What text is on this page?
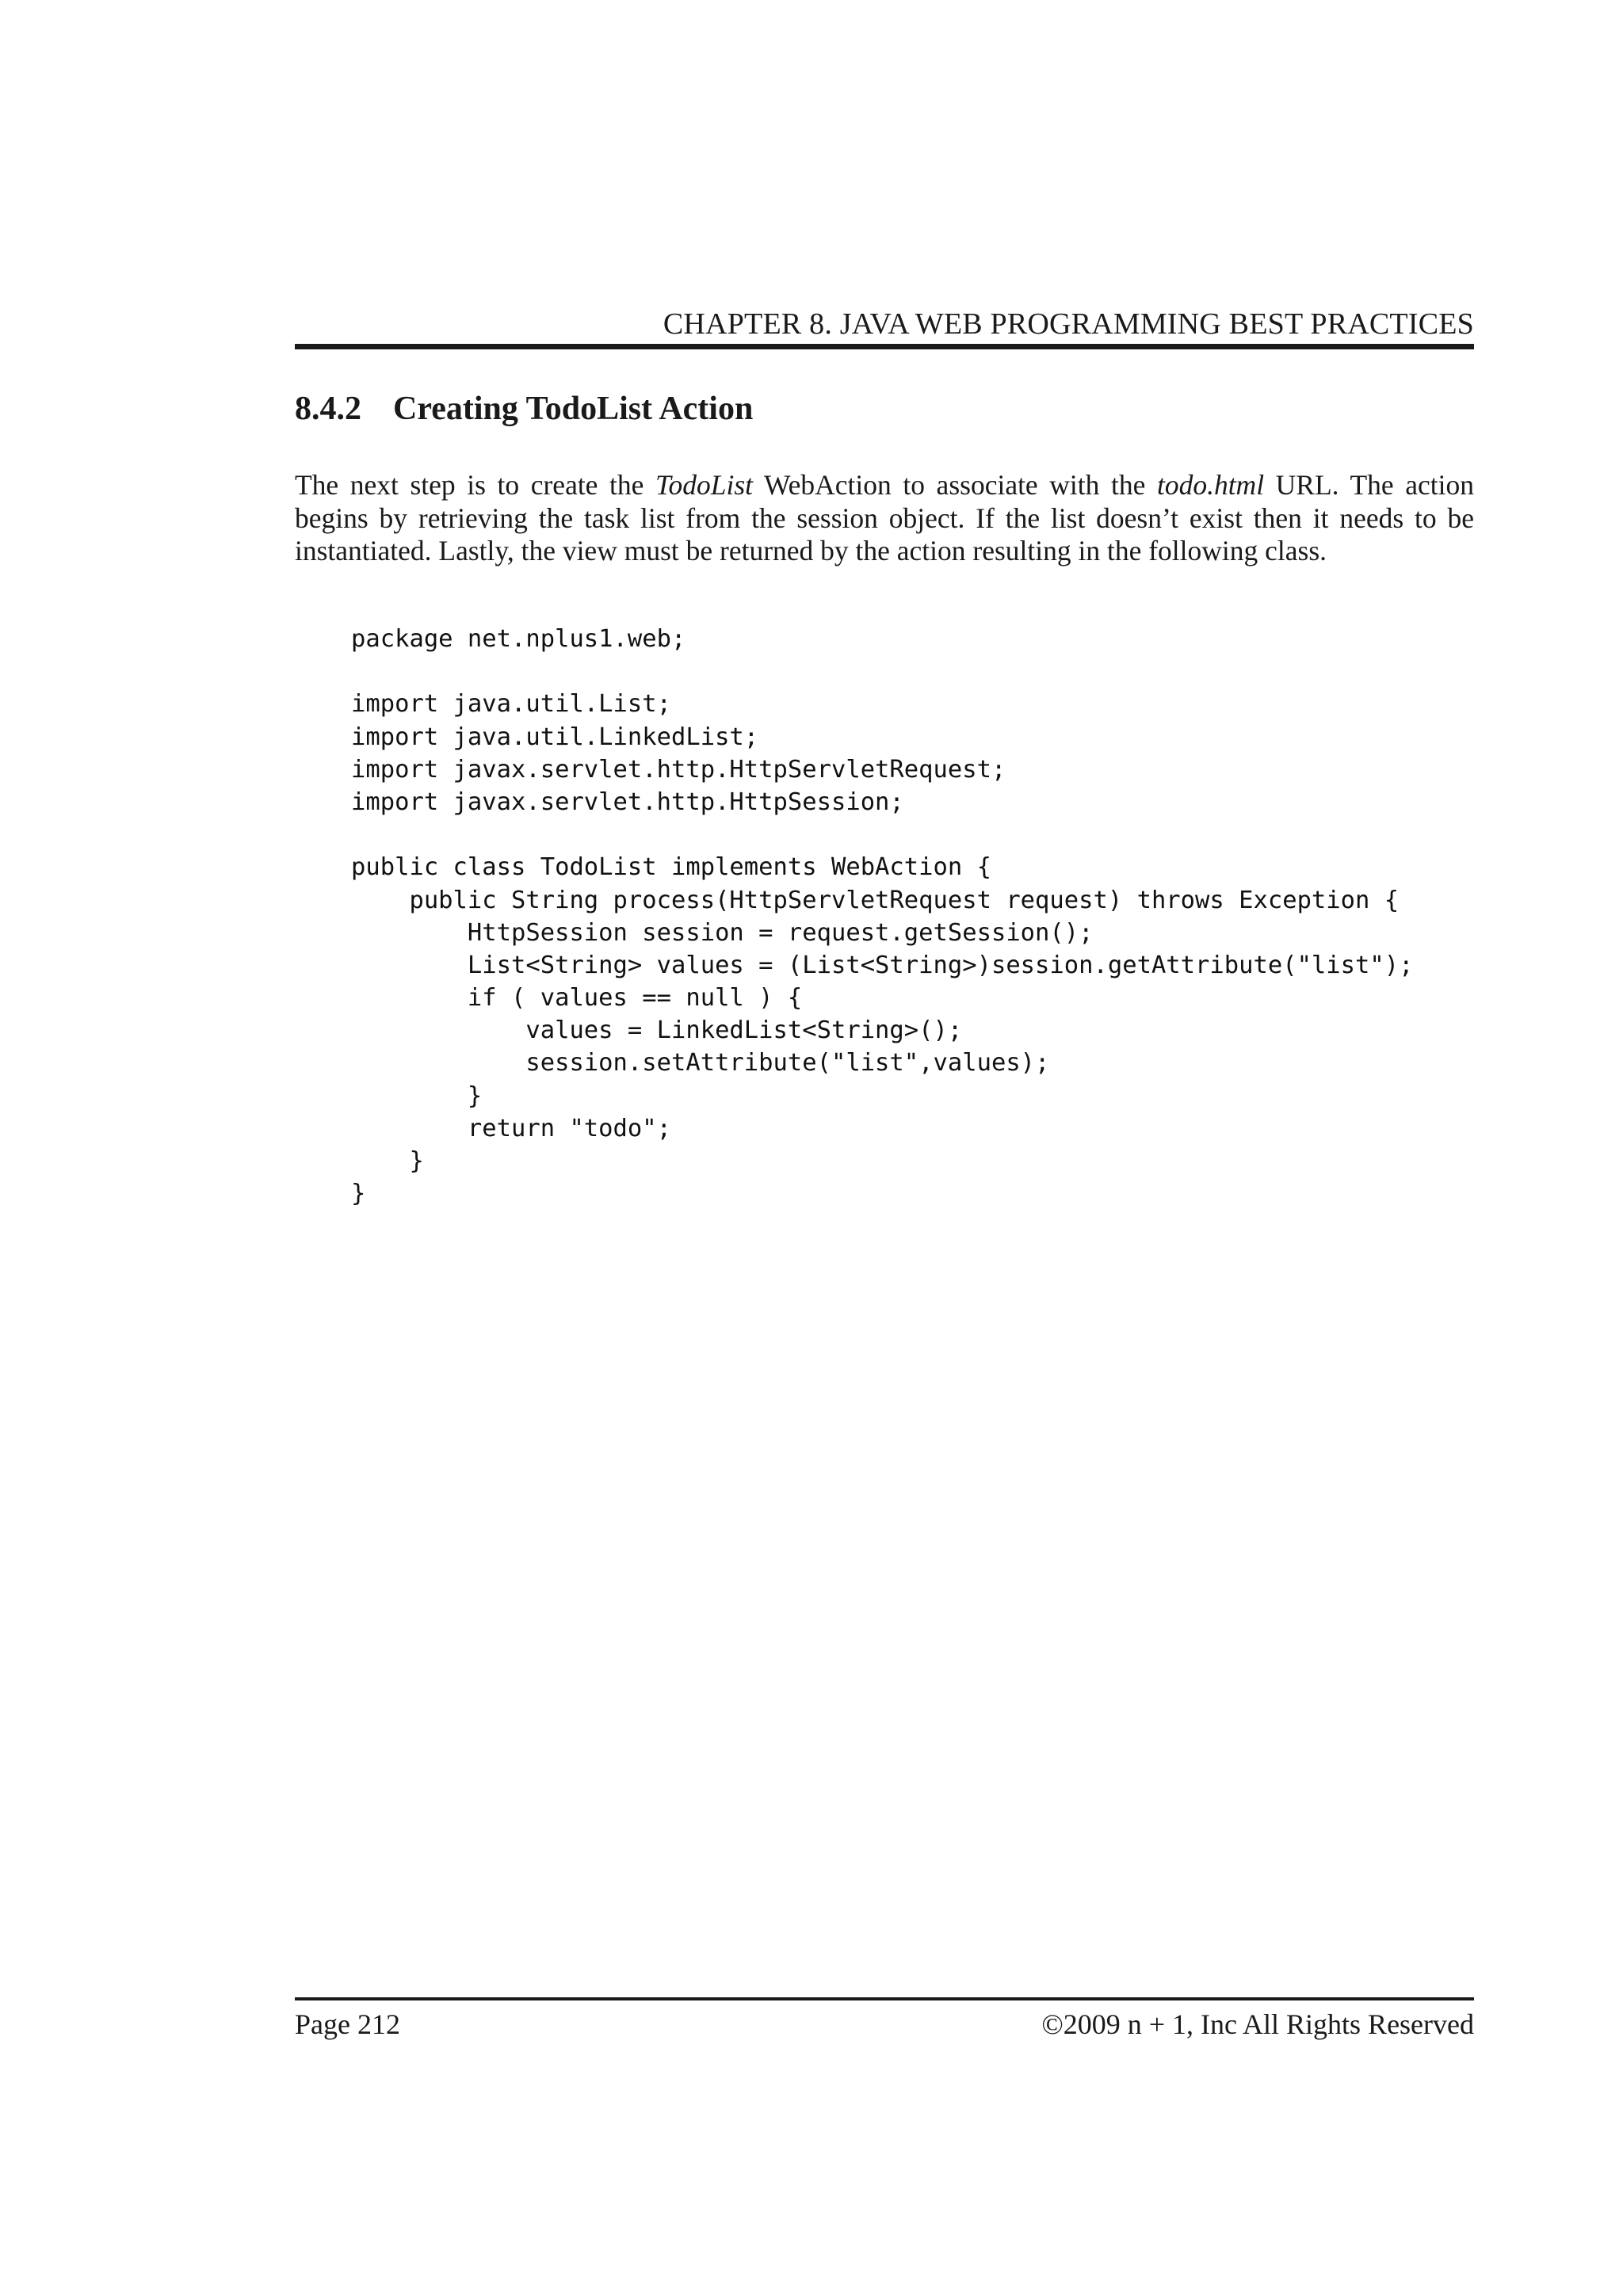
CHAPTER 8. JAVA WEB PROGRAMMING BEST PRACTICES
8.4.2 Creating TodoList Action
The next step is to create the TodoList WebAction to associate with the todo.html URL. The action
begins by retrieving the task list from the session object. If the list doesn’t exist then it needs to be
instantiated. Lastly, the view must be returned by the action resulting in the following class.
package net.nplus1.web;
import java.util.List;
import java.util.LinkedList;
import javax.servlet.http.HttpServletRequest;
import javax.servlet.http.HttpSession;
public class TodoList implements WebAction {
public String process(HttpServletRequest request) throws Exception {
HttpSession session = request.getSession();
List<String> values = (List<String>)session.getAttribute("list");
if ( values == null ) {
values = LinkedList<String>();
session.setAttribute("list",values);
}
return "todo";
}
}
Page 212	©2009 n + 1, Inc All Rights Reserved
